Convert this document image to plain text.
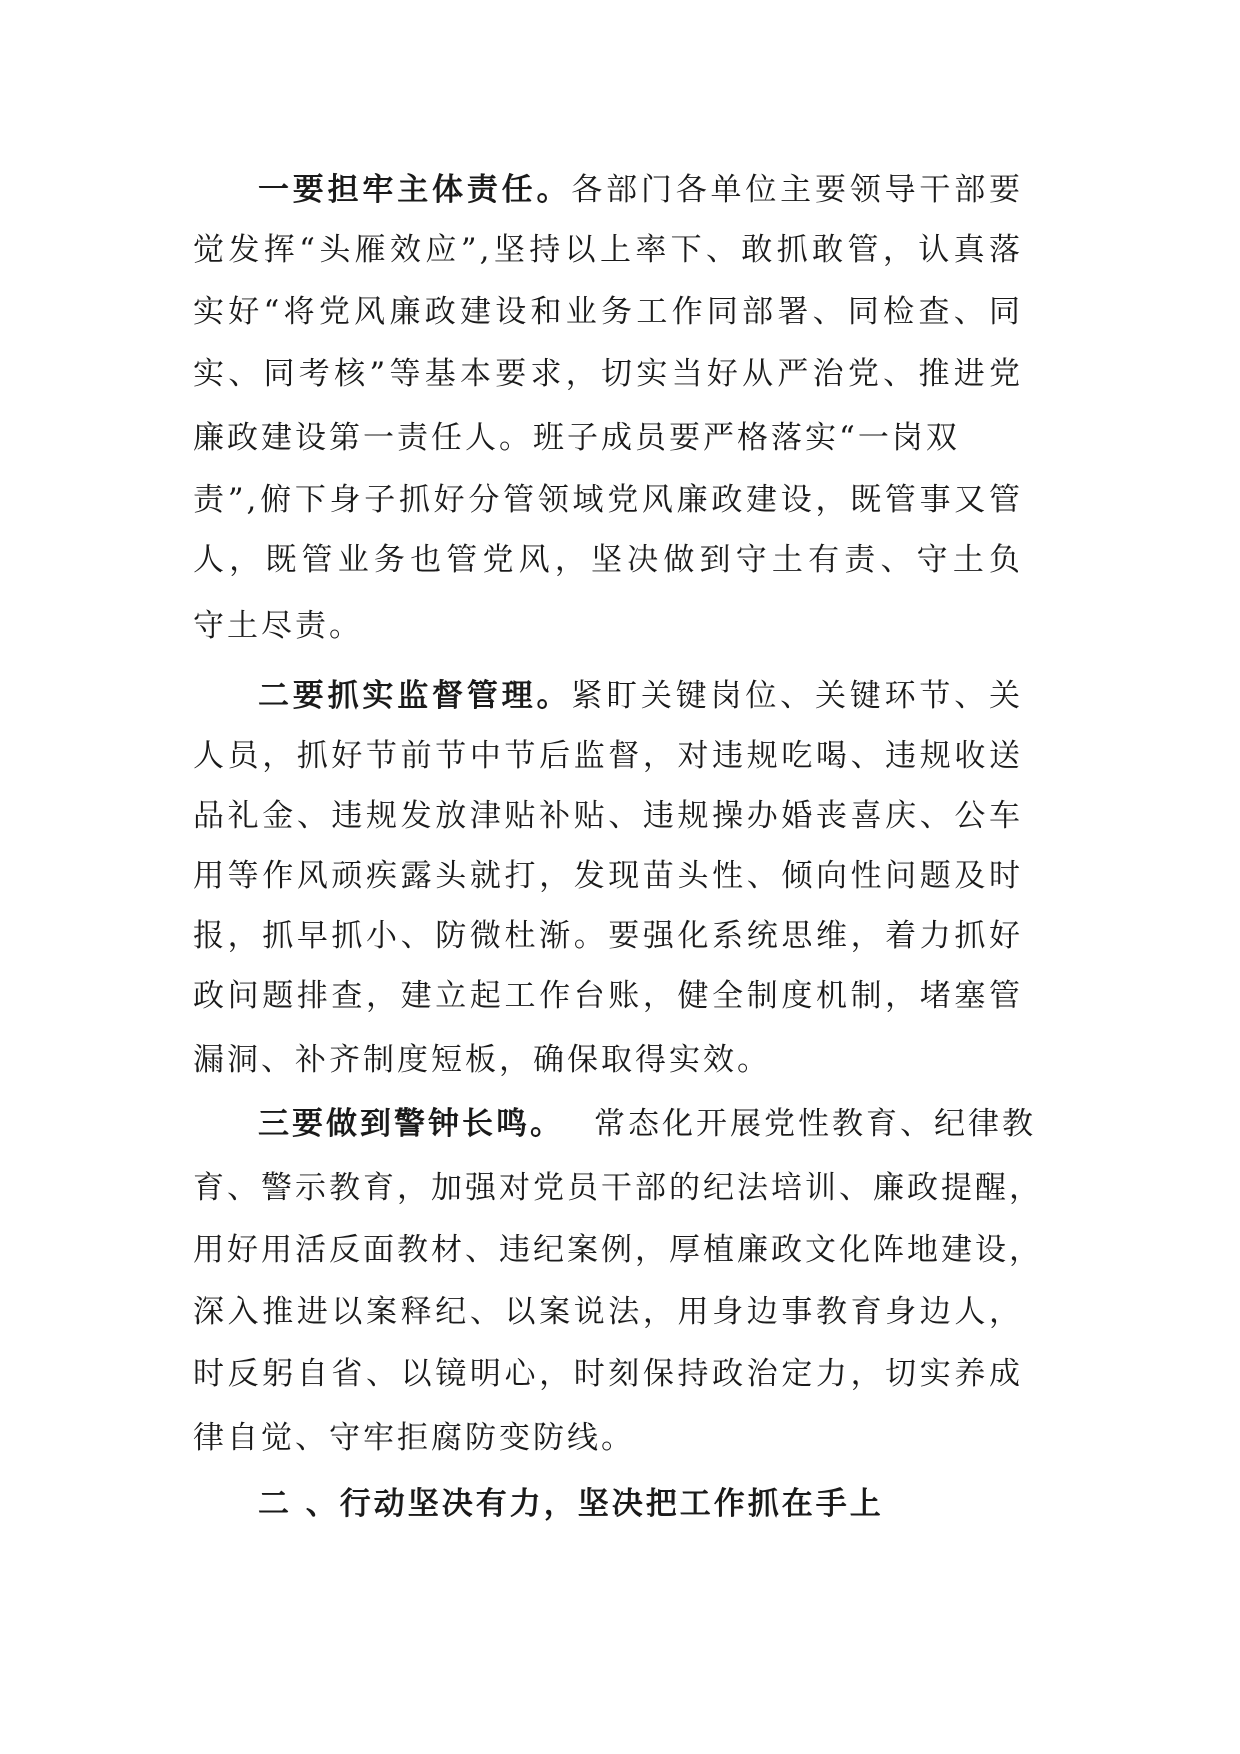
一要担牢主体责任。各部门各单位主要领导干部要
觉发挥“头雁效应”,坚持以上率下、敢抓敢管，认真落
实好“将党风廉政建设和业务工作同部署、同检查、同
实、同考核”等基本要求，切实当好从严治党、推进党
廉政建设第一责任人。班子成员要严格落实“一岗双
责”,俯下身子抓好分管领域党风廉政建设，既管事又管
人，既管业务也管党风，坚决做到守土有责、守土负
守土尽责。
二要抓实监督管理。紧盯关键岗位、关键环节、关
人员，抓好节前节中节后监督，对违规吃喝、违规收送
品礼金、违规发放津贴补贴、违规操办婚丧喜庆、公车
用等作风顽疾露头就打，发现苗头性、倾向性问题及时
报，抓早抓小、防微杜渐。要强化系统思维，着力抓好
政问题排查，建立起工作台账，健全制度机制，堵塞管
漏洞、补齐制度短板，确保取得实效。
三要做到警钟长鸣。 常态化开展党性教育、纪律教
育、警示教育，加强对党员干部的纪法培训、廉政提醒，
用好用活反面教材、违纪案例，厚植廉政文化阵地建设，
深入推进以案释纪、以案说法，用身边事教育身边人，
时反躬自省、以镜明心，时刻保持政治定力，切实养成
律自觉、守牢拒腐防变防线。
二 、行动坚决有力，坚决把工作抓在手上
